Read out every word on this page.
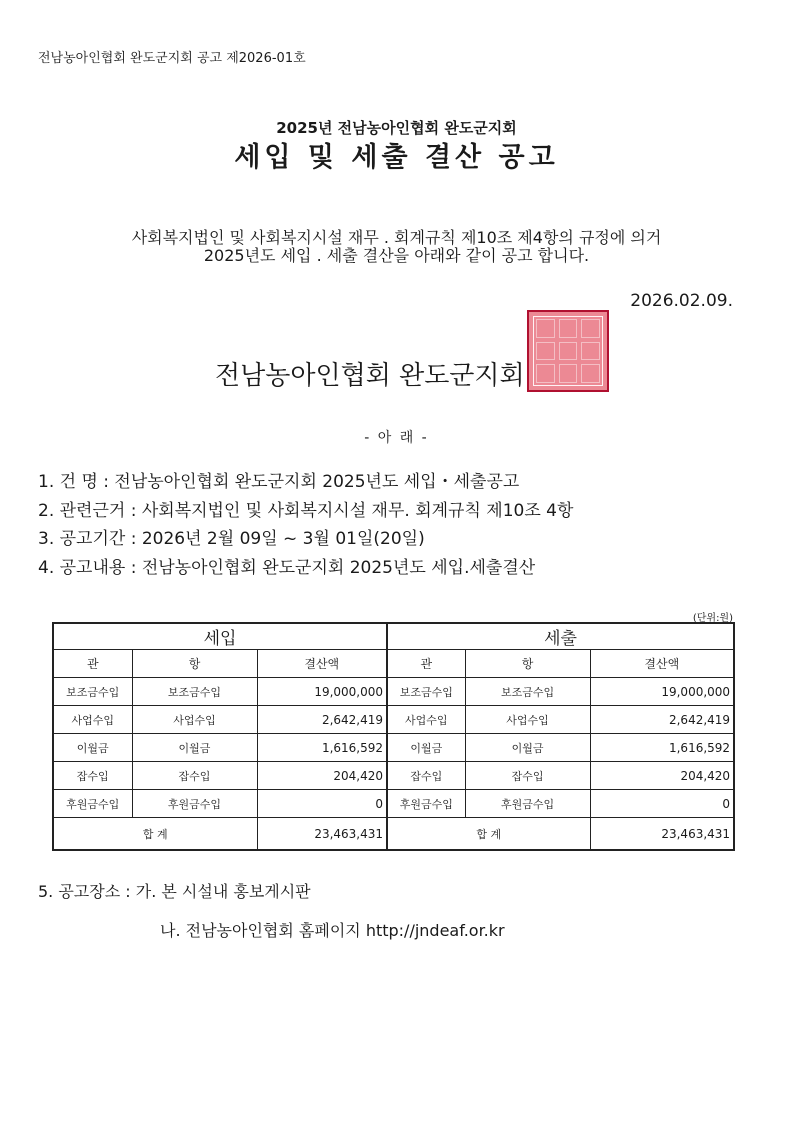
전남농아인협회 완도군지회 공고 제2026-01호
2025년 전남농아인협회 완도군지회
세입 및 세출 결산 공고
사회복지법인 및 사회복지시설 재무 . 회계규칙 제10조 제4항의 규정에 의거
2025년도 세입 . 세출 결산을 아래와 같이 공고 합니다.
2026.02.09.
전남농아인협회 완도군지회
- 아 래 -
1. 건 명 : 전남농아인협회 완도군지회 2025년도 세입・세출공고
2. 관련근거 : 사회복지법인 및 사회복지시설 재무. 회계규칙 제10조 4항
3. 공고기간 : 2026년 2월 09일 ~ 3월 01일(20일)
4. 공고내용 : 전남농아인협회 완도군지회 2025년도 세입.세출결산
(단위:원)
세입			세출		
관	항	결산액	관	항	결산액
보조금수입	보조금수입	19,000,000	보조금수입	보조금수입	19,000,000
사업수입	사업수입	2,642,419	사업수입	사업수입	2,642,419
이월금	이월금	1,616,592	이월금	이월금	1,616,592
잡수입	잡수입	204,420	잡수입	잡수입	204,420
후원금수입	후원금수입	0	후원금수입	후원금수입	0
합 계		23,463,431	합 계		23,463,431
5. 공고장소 : 가. 본 시설내 홍보게시판
나. 전남농아인협회 홈페이지 http://jndeaf.or.kr
